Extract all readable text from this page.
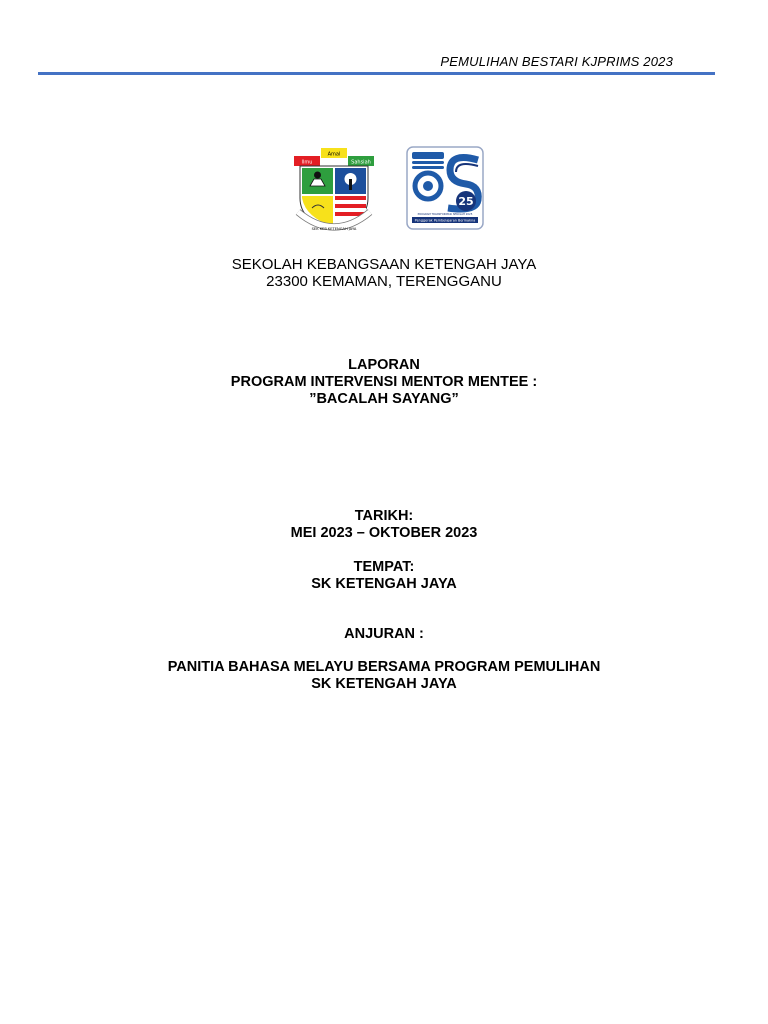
PEMULIHAN BESTARI KJPRIMS 2023
Amal
Ilmu	Sahsiah
SEK KEB KETENGAH JAYA
25
PROGRAM TRANSFORMASI SEKOLAH 2025
Penggerak Pembelajaran Bermakna
SEKOLAH KEBANGSAAN KETENGAH JAYA
23300 KEMAMAN, TERENGGANU
LAPORAN
PROGRAM INTERVENSI MENTOR MENTEE :
”BACALAH SAYANG”
TARIKH:
MEI 2023 – OKTOBER 2023
TEMPAT:
SK KETENGAH JAYA
ANJURAN :
PANITIA BAHASA MELAYU BERSAMA PROGRAM PEMULIHAN
SK KETENGAH JAYA
